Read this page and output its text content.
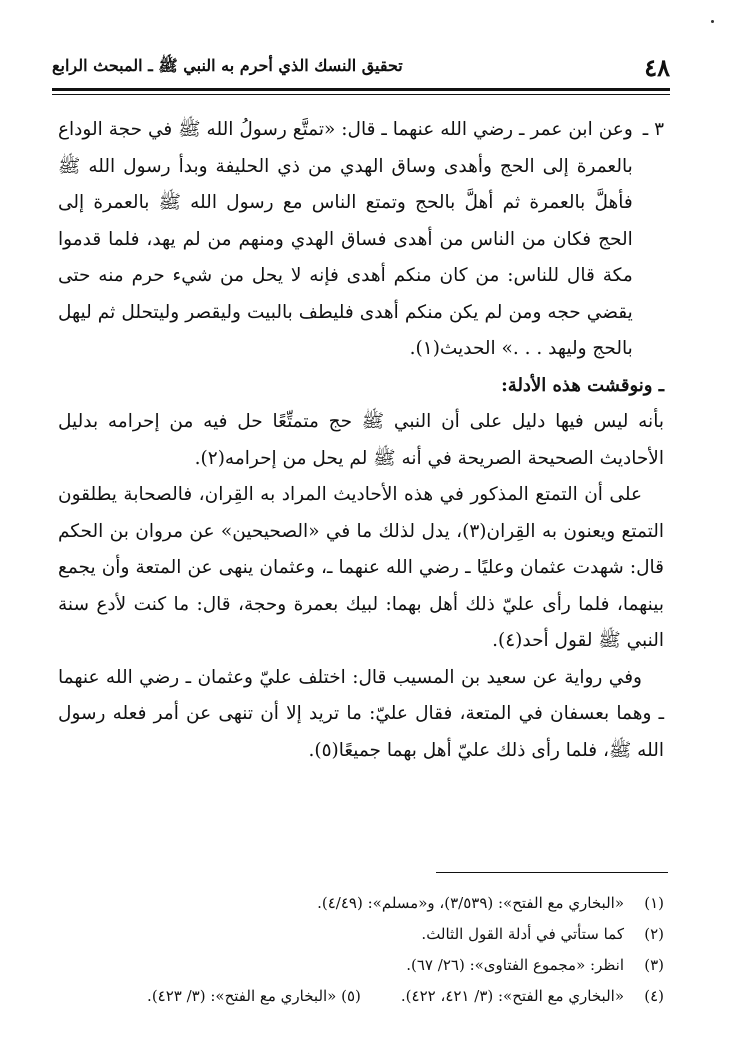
٤٨
تحقيق النسك الذي أحرم به النبي ﷺ ـ المبحث الرابع
٣ ـ

وعن ابن عمر ـ رضي الله عنهما ـ قال: «تمتَّع رسولُ الله ﷺ في حجة الوداع بالعمرة إلى الحج وأهدى وساق الهدي من ذي الحليفة وبدأ رسول الله ﷺ فأهلَّ بالعمرة ثم أهلَّ بالحج وتمتع الناس مع رسول الله ﷺ بالعمرة إلى الحج فكان من الناس من أهدى فساق الهدي ومنهم من لم يهد، فلما قدموا مكة قال للناس: من كان منكم أهدى فإنه لا يحل من شيء حرم منه حتى يقضي حجه ومن لم يكن منكم أهدى فليطف بالبيت وليقصر وليتحلل ثم ليهل بالحج وليهد . . .» الحديث(١).

ـ ونوقشت هذه الأدلة:

بأنه ليس فيها دليل على أن النبي ﷺ حج متمتِّعًا حل فيه من إحرامه بدليل الأحاديث الصحيحة الصريحة في أنه ﷺ لم يحل من إحرامه(٢).

على أن التمتع المذكور في هذه الأحاديث المراد به القِران، فالصحابة يطلقون التمتع ويعنون به القِران(٣)، يدل لذلك ما في «الصحيحين» عن مروان بن الحكم قال: شهدت عثمان وعليًا ـ رضي الله عنهما ـ، وعثمان ينهى عن المتعة وأن يجمع بينهما، فلما رأى عليّ ذلك أهل بهما: لبيك بعمرة وحجة، قال: ما كنت لأدع سنة النبي ﷺ لقول أحد(٤).

وفي رواية عن سعيد بن المسيب قال: اختلف عليّ وعثمان ـ رضي الله عنهما ـ وهما بعسفان في المتعة، فقال عليّ: ما تريد إلا أن تنهى عن أمر فعله رسول الله ﷺ، فلما رأى ذلك عليّ أهل بهما جميعًا(٥).

(١)
«البخاري مع الفتح»: (٣/٥٣٩)، و«مسلم»: (٤/٤٩).
(٢)
كما ستأتي في أدلة القول الثالث.
(٣)
انظر: «مجموع الفتاوى»: (٢٦/ ٦٧).
(٤)
«البخاري مع الفتح»: (٣/ ٤٢١، ٤٢٢).
(٥) «البخاري مع الفتح»: (٣/ ٤٢٣).
